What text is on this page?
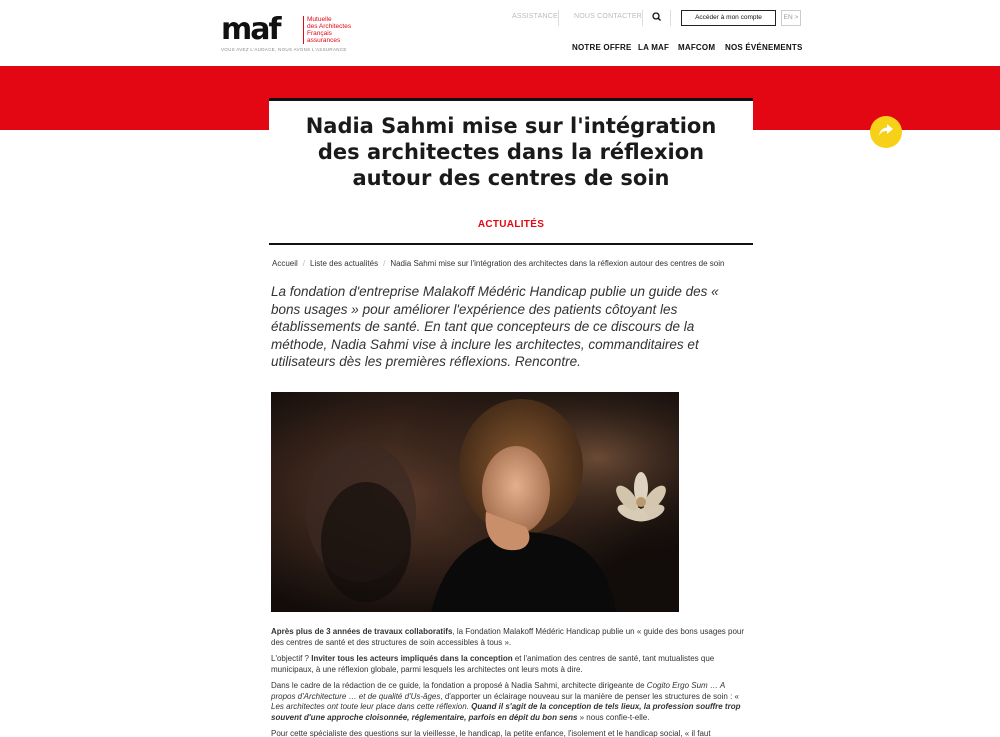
maf	Mutuelle
des Architectes
Français
assurances
VOUS AVEZ L'AUDACE, NOUS AVONS L'ASSURANCE
ASSISTANCE NOUS CONTACTER	Accéder à mon compte	EN >
NOTRE OFFRE LA MAF MAFCOM NOS ÉVÉNEMENTS
Nadia Sahmi mise sur l'intégration des architectes dans la réflexion autour des centres de soin
ACTUALITÉS
Accueil / Liste des actualités / Nadia Sahmi mise sur l'intégration des architectes dans la réflexion autour des centres de soin

La fondation d'entreprise Malakoff Médéric Handicap publie un guide des « bons usages » pour améliorer l'expérience des patients côtoyant les établissements de santé. En tant que concepteurs de ce discours de la méthode, Nadia Sahmi vise à inclure les architectes, commanditaires et utilisateurs dès les premières réflexions. Rencontre.

Après plus de 3 années de travaux collaboratifs, la Fondation Malakoff Médéric Handicap publie un « guide des bons usages pour des centres de santé et des structures de soin accessibles à tous ».

L'objectif ? Inviter tous les acteurs impliqués dans la conception et l'animation des centres de santé, tant mutualistes que municipaux, à une réflexion globale, parmi lesquels les architectes ont leurs mots à dire.

Dans le cadre de la rédaction de ce guide, la fondation a proposé à Nadia Sahmi, architecte dirigeante de Cogito Ergo Sum … A propos d'Architecture … et de qualité d'Us-âges, d'apporter un éclairage nouveau sur la manière de penser les structures de soin : « Les architectes ont toute leur place dans cette réflexion. Quand il s'agit de la conception de tels lieux, la profession souffre trop souvent d'une approche cloisonnée, réglementaire, parfois en dépit du bon sens » nous confie-t-elle.

Pour cette spécialiste des questions sur la vieillesse, le handicap, la petite enfance, l'isolement et le handicap social, « il faut
